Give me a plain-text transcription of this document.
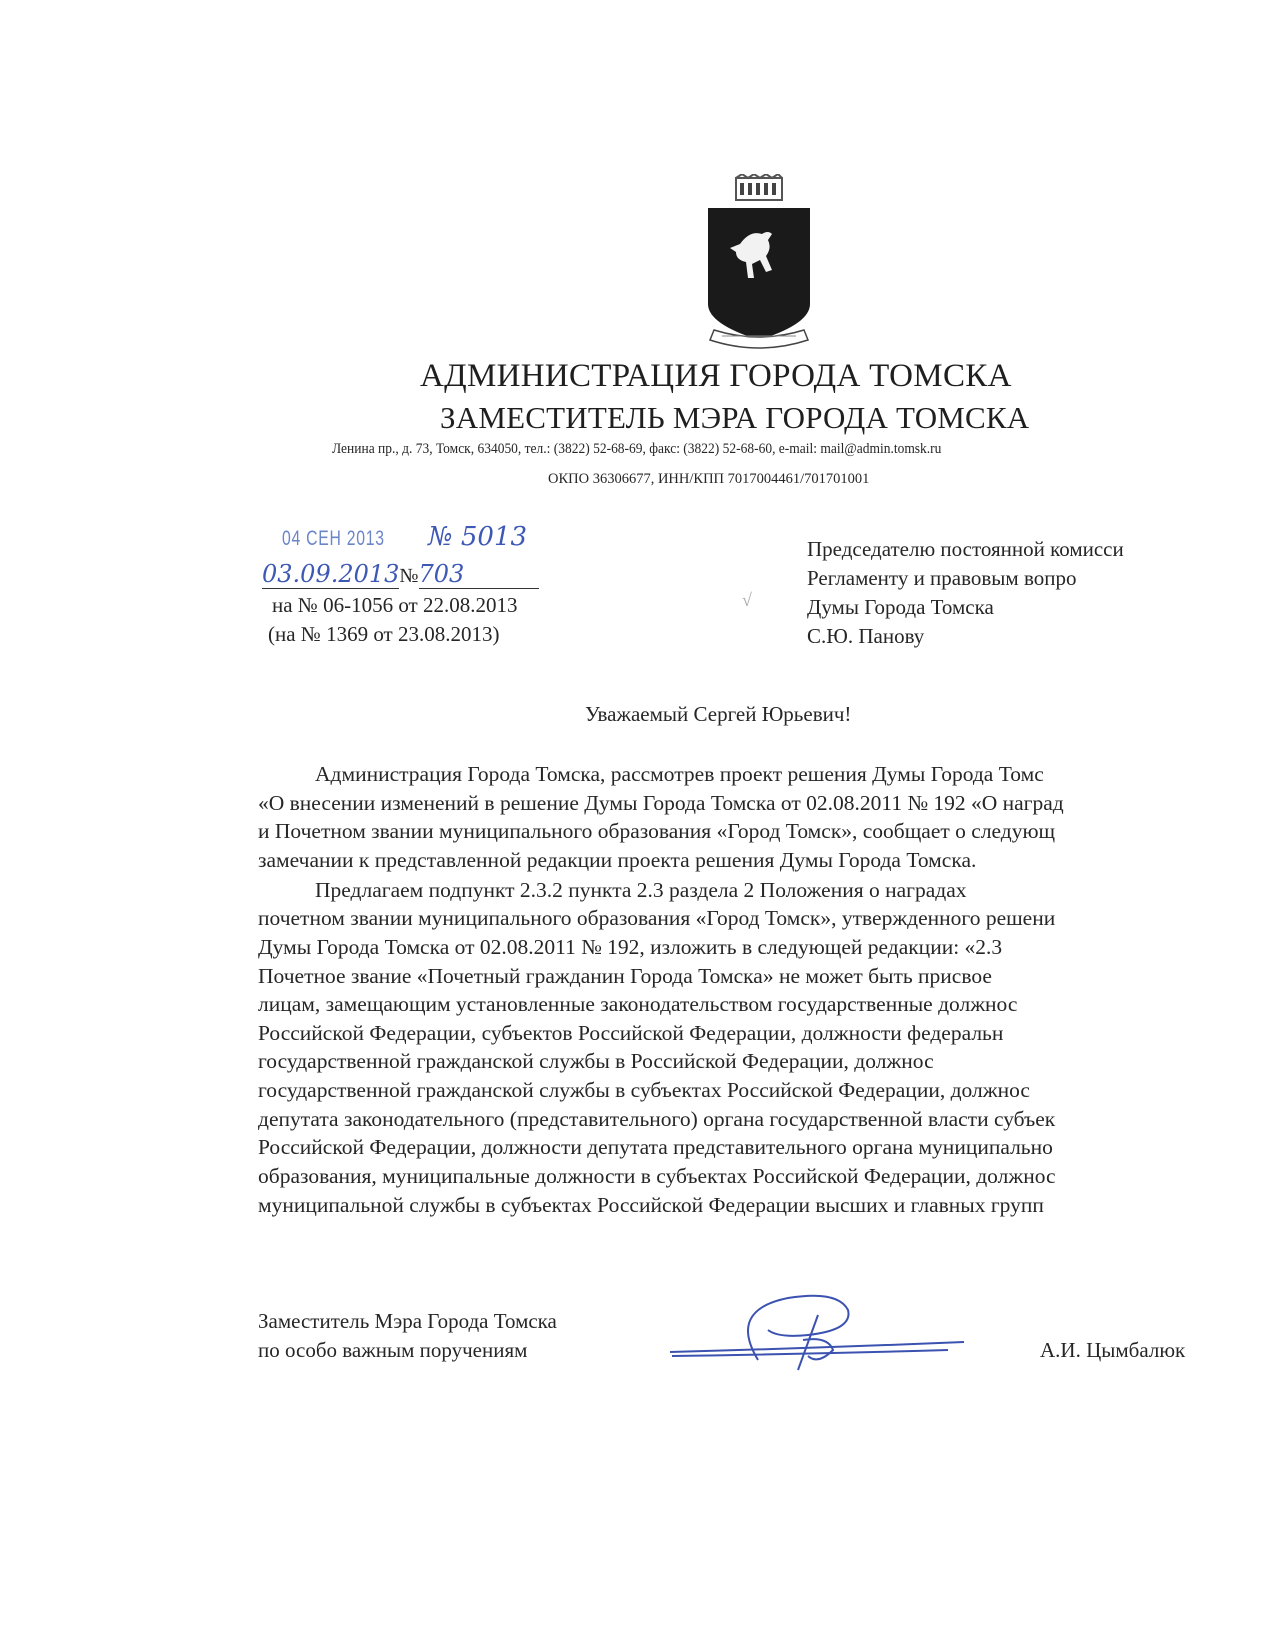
АДМИНИСТРАЦИЯ ГОРОДА ТОМСКА
ЗАМЕСТИТЕЛЬ МЭРА ГОРОДА ТОМСКА
Ленина пр., д. 73, Томск, 634050, тел.: (3822) 52-68-69, факс: (3822) 52-68-60, e-mail: mail@admin.tomsk.ru
ОКПО 36306677, ИНН/КПП 7017004461/701701001
04 СЕН 2013 № 5013
03.09.2013№703
на № 06-1056 от 22.08.2013
(на № 1369 от 23.08.2013)
√
Председателю постоянной комисси
Регламенту и правовым вопро
Думы Города Томска
С.Ю. Панову
Уважаемый Сергей Юрьевич!
Администрация Города Томска, рассмотрев проект решения Думы Города Томс
«О внесении изменений в решение Думы Города Томска от 02.08.2011 № 192 «О наград
и Почетном звании муниципального образования «Город Томск», сообщает о следующ
замечании к представленной редакции проекта решения Думы Города Томска.
Предлагаем подпункт 2.3.2 пункта 2.3 раздела 2 Положения о наградах
почетном звании муниципального образования «Город Томск», утвержденного решени
Думы Города Томска от 02.08.2011 № 192, изложить в следующей редакции: «2.3
Почетное звание «Почетный гражданин Города Томска» не может быть присвое
лицам, замещающим установленные законодательством государственные должнос
Российской Федерации, субъектов Российской Федерации, должности федеральн
государственной гражданской службы в Российской Федерации, должнос
государственной гражданской службы в субъектах Российской Федерации, должнос
депутата законодательного (представительного) органа государственной власти субъек
Российской Федерации, должности депутата представительного органа муниципально
образования, муниципальные должности в субъектах Российской Федерации, должнос
муниципальной службы в субъектах Российской Федерации высших и главных групп
Заместитель Мэра Города Томска
по особо важным поручениям	А.И. Цымбалюк
